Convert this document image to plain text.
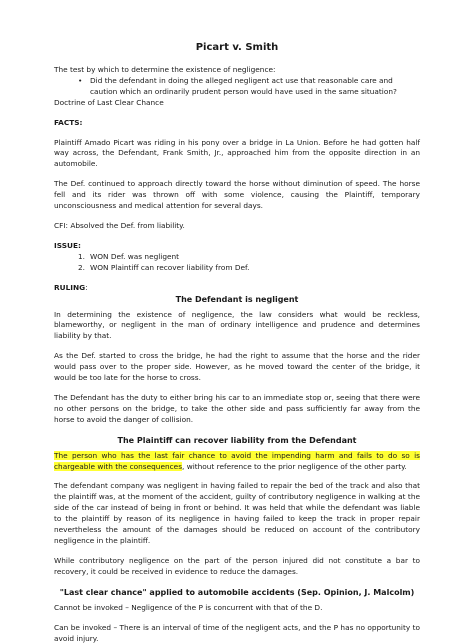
Picart v. Smith

The test by which to determine the existence of negligence:

• Did the defendant in doing the alleged negligent act use that reasonable care and caution which an ordinarily prudent person would have used in the same situation?

Doctrine of Last Clear Chance

FACTS:

Plaintiff Amado Picart was riding in his pony over a bridge in La Union. Before he had gotten half way across, the Defendant, Frank Smith, Jr., approached him from the opposite direction in an automobile.

The Def. continued to approach directly toward the horse without diminution of speed. The horse fell and its rider was thrown off with some violence, causing the Plaintiff, temporary unconsciousness and medical attention for several days.

CFI: Absolved the Def. from liability.

ISSUE:

1. WON Def. was negligent
2. WON Plaintiff can recover liability from Def.

RULING:

The Defendant is negligent

In determining the existence of negligence, the law considers what would be reckless, blameworthy, or negligent in the man of ordinary intelligence and prudence and determines liability by that.

As the Def. started to cross the bridge, he had the right to assume that the horse and the rider would pass over to the proper side. However, as he moved toward the center of the bridge, it would be too late for the horse to cross.

The Defendant has the duty to either bring his car to an immediate stop or, seeing that there were no other persons on the bridge, to take the other side and pass sufficiently far away from the horse to avoid the danger of collision.

The Plaintiff can recover liability from the Defendant

The person who has the last fair chance to avoid the impending harm and fails to do so is chargeable with the consequences, without reference to the prior negligence of the other party.

The defendant company was negligent in having failed to repair the bed of the track and also that the plaintiff was, at the moment of the accident, guilty of contributory negligence in walking at the side of the car instead of being in front or behind. It was held that while the defendant was liable to the plaintiff by reason of its negligence in having failed to keep the track in proper repair nevertheless the amount of the damages should be reduced on account of the contributory negligence in the plaintiff.

While contributory negligence on the part of the person injured did not constitute a bar to recovery, it could be received in evidence to reduce the damages.

"Last clear chance" applied to automobile accidents (Sep. Opinion, J. Malcolm)

Cannot be invoked – Negligence of the P is concurrent with that of the D.

Can be invoked – There is an interval of time of the negligent acts, and the P has no opportunity to avoid injury.
